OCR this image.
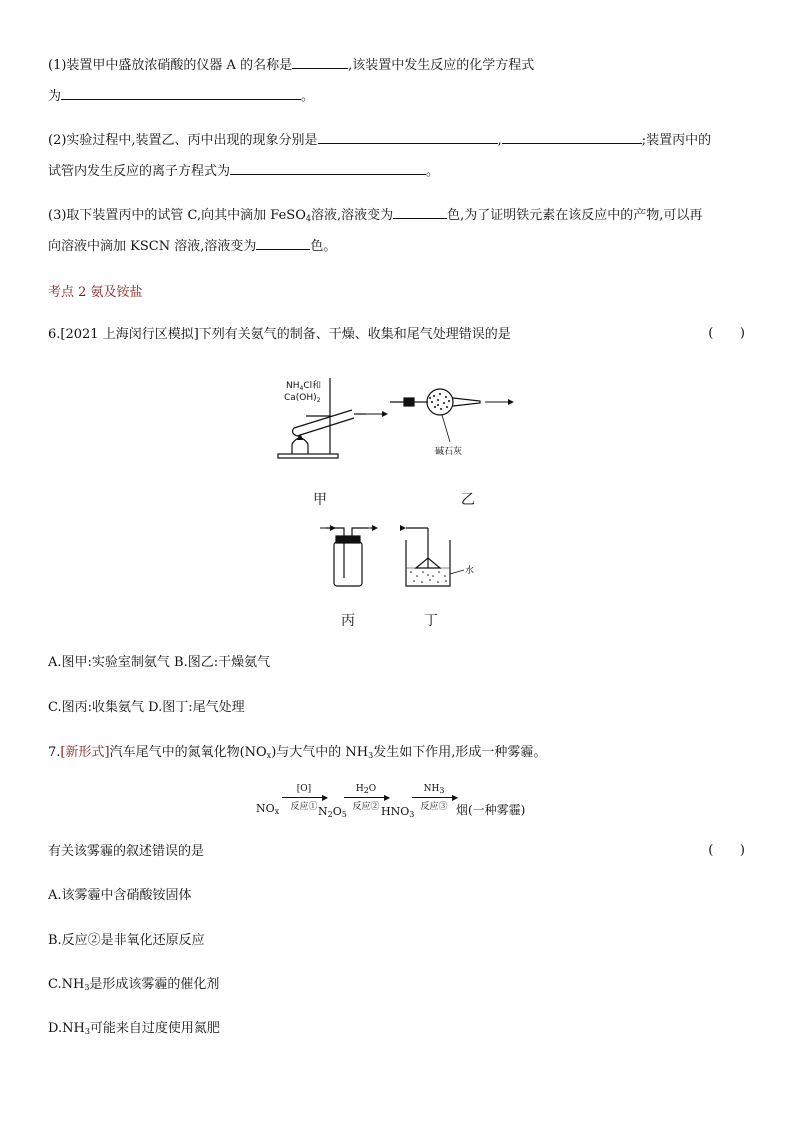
(1)装置甲中盛放浓硝酸的仪器 A 的名称是	,该装置中发生反应的化学方程式
为	。
(2)实验过程中,装置乙、丙中出现的现象分别是	,	;装置丙中的
试管内发生反应的离子方程式为	。
(3)取下装置丙中的试管 C,向其中滴加 FeSO$_4$溶液,溶液变为	色,为了证明铁元素在该反应中的产物,可以再
向溶液中滴加 KSCN 溶液,溶液变为	色。
考点 2 氨及铵盐
6.[2021 上海闵行区模拟]下列有关氨气的制备、干燥、收集和尾气处理错误的是	(     )
$NH_4Cl$和
$Ca(OH)_2$
碱石灰
甲	乙
水
丙	丁
A.图甲:实验室制氨气 B.图乙:干燥氨气
C.图丙:收集氨气 D.图丁:尾气处理
7.[新形式]汽车尾气中的氮氧化物$(NO_x)$与大气中的 $NH_3$发生如下作用,形成一种雾霾。
$NO_x$
[O]
▶
反应① $N_2O_5$
H2O
▶
反应② $HNO_3$
NH3
▶
反应③ 烟(一种雾霾)
有关该雾霾的叙述错误的是	(     )
A.该雾霾中含硝酸铵固体
B.反应②是非氧化还原反应
$C.NH_3$是形成该雾霾的催化剂
$D.NH_3$可能来自过度使用氮肥
